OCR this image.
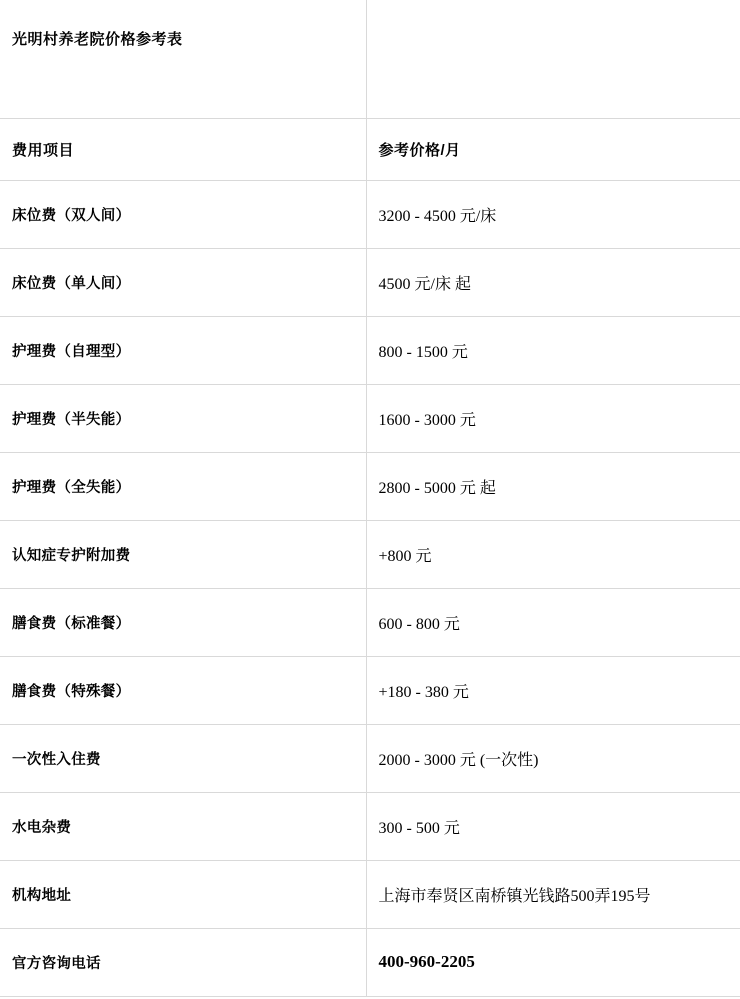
光明村养老院价格参考表	
费用项目	参考价格/月
床位费（双人间）	3200 - 4500 元/床
床位费（单人间）	4500 元/床 起
护理费（自理型）	800 - 1500 元
护理费（半失能）	1600 - 3000 元
护理费（全失能）	2800 - 5000 元 起
认知症专护附加费	+800 元
膳食费（标准餐）	600 - 800 元
膳食费（特殊餐）	+180 - 380 元
一次性入住费	2000 - 3000 元 (一次性)
水电杂费	300 - 500 元
机构地址	上海市奉贤区南桥镇光钱路500弄195号
官方咨询电话	400-960-2205
